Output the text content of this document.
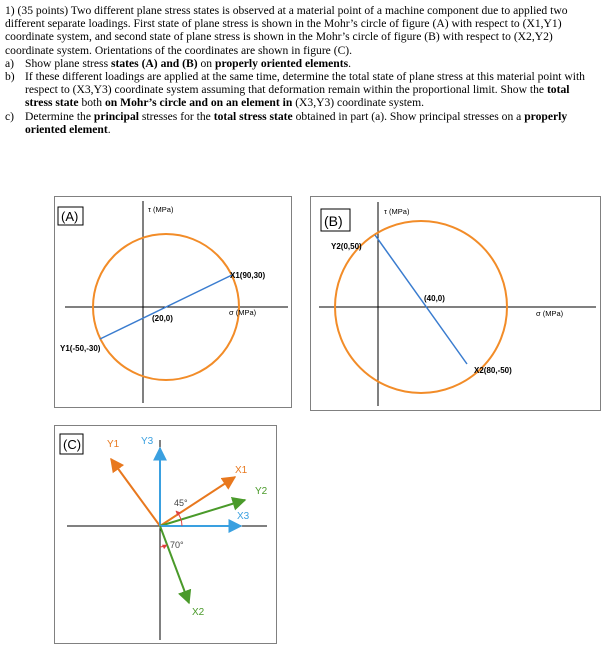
1) (35 points) Two different plane stress states is observed at a material point of a machine component due to applied two different separate loadings. First state of plane stress is shown in the Mohr’s circle of figure (A) with respect to (X1,Y1) coordinate system, and second state of plane stress is shown in the Mohr’s circle of figure (B) with respect to (X2,Y2) coordinate system. Orientations of the coordinates are shown in figure (C).

a) Show plane stress states (A) and (B) on properly oriented elements.
b) If these different loadings are applied at the same time, determine the total state of plane stress at this material point with respect to (X3,Y3) coordinate system assuming that deformation remain within the proportional limit. Show the total stress state both on Mohr’s circle and on an element in (X3,Y3) coordinate system.
c) Determine the principal stresses for the total stress state obtained in part (a). Show principal stresses on a properly oriented element.
(A)	τ (MPa)
σ (MPa)
(20,0)
X1(90,30)
Y1(-50,-30)
(B)
τ (MPa)
σ (MPa)
(40,0)
Y2(0,50)
X2(80,-50)
(C)	Y1 Y3
X1
Y2
X3
X2
45°
70°
